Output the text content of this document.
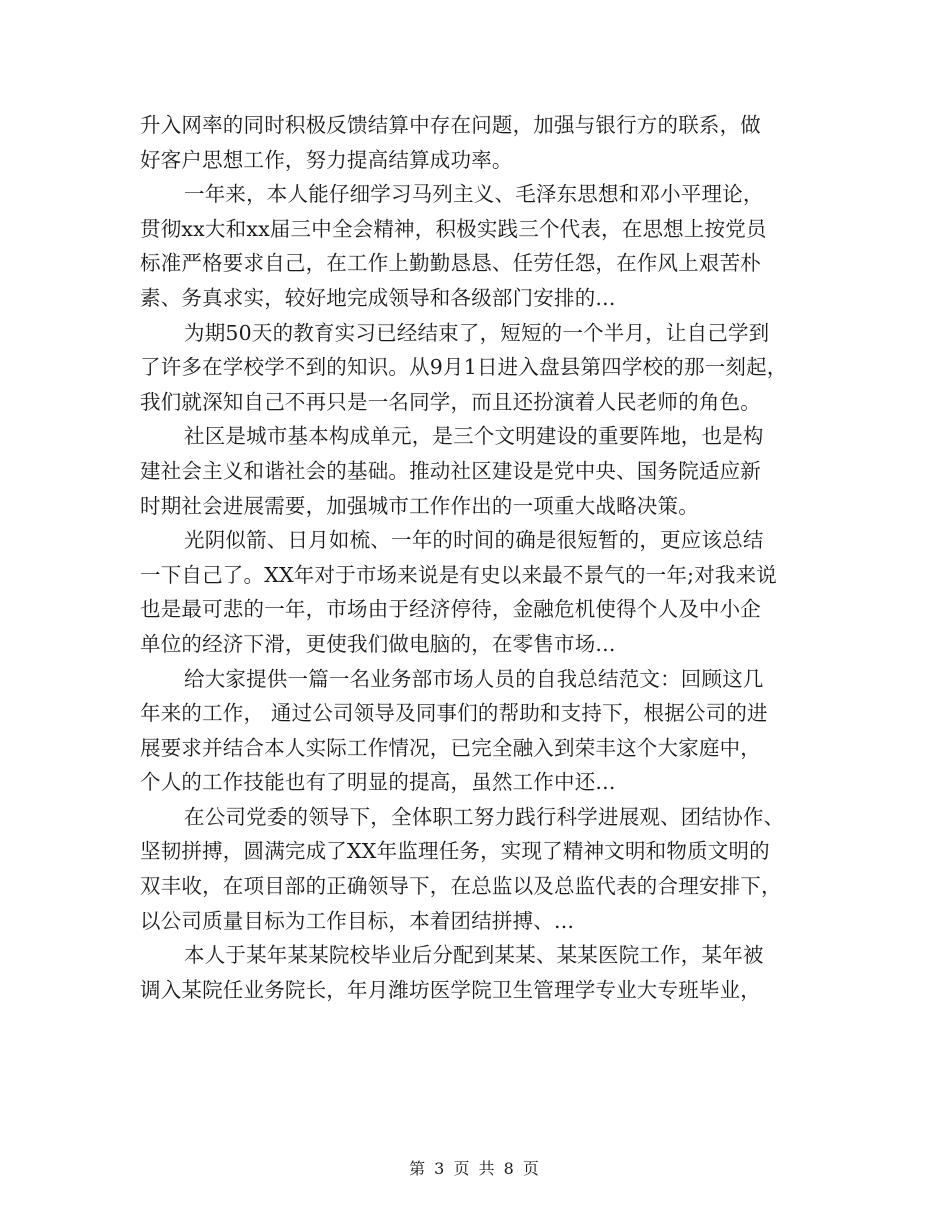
升入网率的同时积极反馈结算中存在问题，加强与银行方的联系，做
好客户思想工作，努力提高结算成功率。
一年来，本人能仔细学习马列主义、毛泽东思想和邓小平理论，
贯彻xx大和xx届三中全会精神，积极实践三个代表，在思想上按党员
标准严格要求自己，在工作上勤勤恳恳、任劳任怨，在作风上艰苦朴
素、务真求实，较好地完成领导和各级部门安排的...
为期50天的教育实习已经结束了，短短的一个半月，让自己学到
了许多在学校学不到的知识。从9月1日进入盘县第四学校的那一刻起，
我们就深知自己不再只是一名同学，而且还扮演着人民老师的角色。
社区是城市基本构成单元，是三个文明建设的重要阵地，也是构
建社会主义和谐社会的基础。推动社区建设是党中央、国务院适应新
时期社会进展需要，加强城市工作作出的一项重大战略决策。
光阴似箭、日月如梳、一年的时间的确是很短暂的，更应该总结
一下自己了。XX年对于市场来说是有史以来最不景气的一年;对我来说
也是最可悲的一年，市场由于经济停待，金融危机使得个人及中小企
单位的经济下滑，更使我们做电脑的，在零售市场...
给大家提供一篇一名业务部市场人员的自我总结范文：回顾这几
年来的工作， 通过公司领导及同事们的帮助和支持下，根据公司的进
展要求并结合本人实际工作情况，已完全融入到荣丰这个大家庭中，
个人的工作技能也有了明显的提高，虽然工作中还...
在公司党委的领导下，全体职工努力践行科学进展观、团结协作、
坚韧拼搏，圆满完成了XX年监理任务，实现了精神文明和物质文明的
双丰收，在项目部的正确领导下，在总监以及总监代表的合理安排下，
以公司质量目标为工作目标，本着团结拼搏、...
本人于某年某某院校毕业后分配到某某、某某医院工作，某年被
调入某院任业务院长，年月潍坊医学院卫生管理学专业大专班毕业，
第 3 页 共 8 页
